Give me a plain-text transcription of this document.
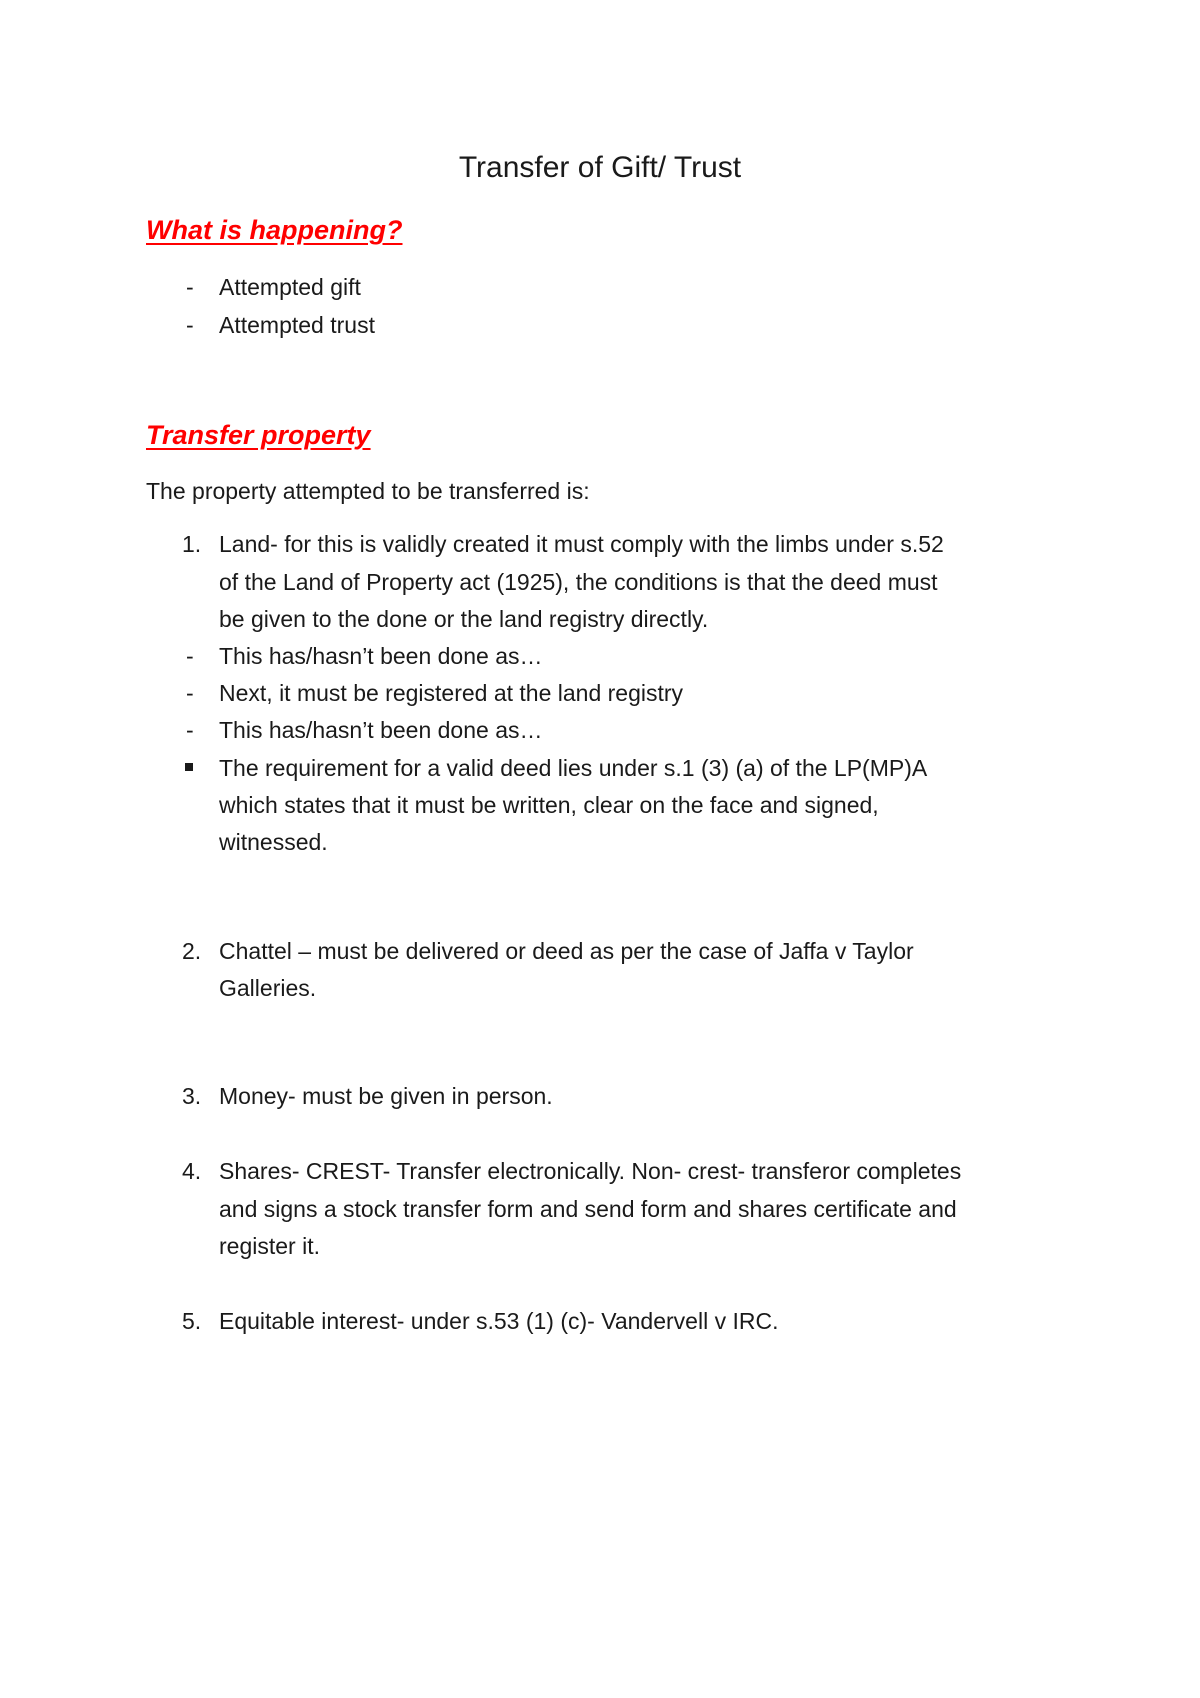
Transfer of Gift/ Trust
What is happening?
- Attempted gift
- Attempted trust
Transfer property
The property attempted to be transferred is:
1. Land- for this is validly created it must comply with the limbs under s.52
of the Land of Property act (1925), the conditions is that the deed must
be given to the done or the land registry directly.
- This has/hasn’t been done as…
- Next, it must be registered at the land registry
- This has/hasn’t been done as…
The requirement for a valid deed lies under s.1 (3) (a) of the LP(MP)A
which states that it must be written, clear on the face and signed,
witnessed.
2. Chattel – must be delivered or deed as per the case of Jaffa v Taylor
Galleries.
3. Money- must be given in person.
4. Shares- CREST- Transfer electronically. Non- crest- transferor completes
and signs a stock transfer form and send form and shares certificate and
register it.
5. Equitable interest- under s.53 (1) (c)- Vandervell v IRC.
